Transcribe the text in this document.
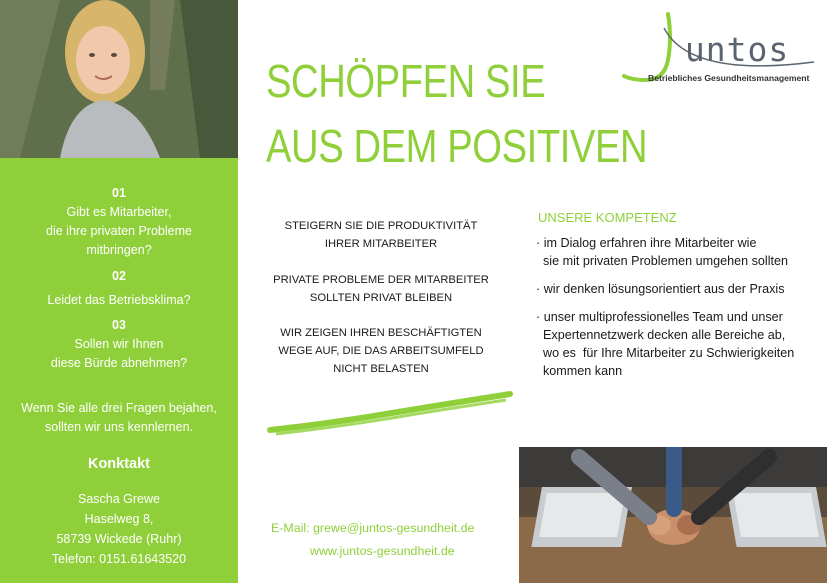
01
Gibt es Mitarbeiter,
die ihre privaten Probleme
mitbringen?
02
Leidet das Betriebsklima?
03
Sollen wir Ihnen
diese Bürde abnehmen?
Wenn Sie alle drei Fragen bejahen,
sollten wir uns kennlernen.
Konktakt
Sascha Grewe
Haselweg 8,
58739 Wickede (Ruhr)
Telefon: 0151.61643520
SCHÖPFEN SIE
AUS DEM POSITIVEN
untos
Betriebliches Gesundheitsmanagement
STEIGERN SIE DIE PRODUKTIVITÄT
IHRER MITARBEITER
PRIVATE PROBLEME DER MITARBEITER
SOLLTEN PRIVAT BLEIBEN
WIR ZEIGEN IHREN BESCHÄFTIGTEN
WEGE AUF, DIE DAS ARBEITSUMFELD
NICHT BELASTEN
UNSERE KOMPETENZ
· im Dialog erfahren ihre Mitarbeiter wie
sie mit privaten Problemen umgehen sollten
· wir denken lösungsorientiert aus der Praxis
· unser multiprofessionelles Team und unser
Expertennetzwerk decken alle Bereiche ab,
wo es  für Ihre Mitarbeiter zu Schwierigkeiten
kommen kann
E-Mail: grewe@juntos-gesundheit.de
www.juntos-gesundheit.de
